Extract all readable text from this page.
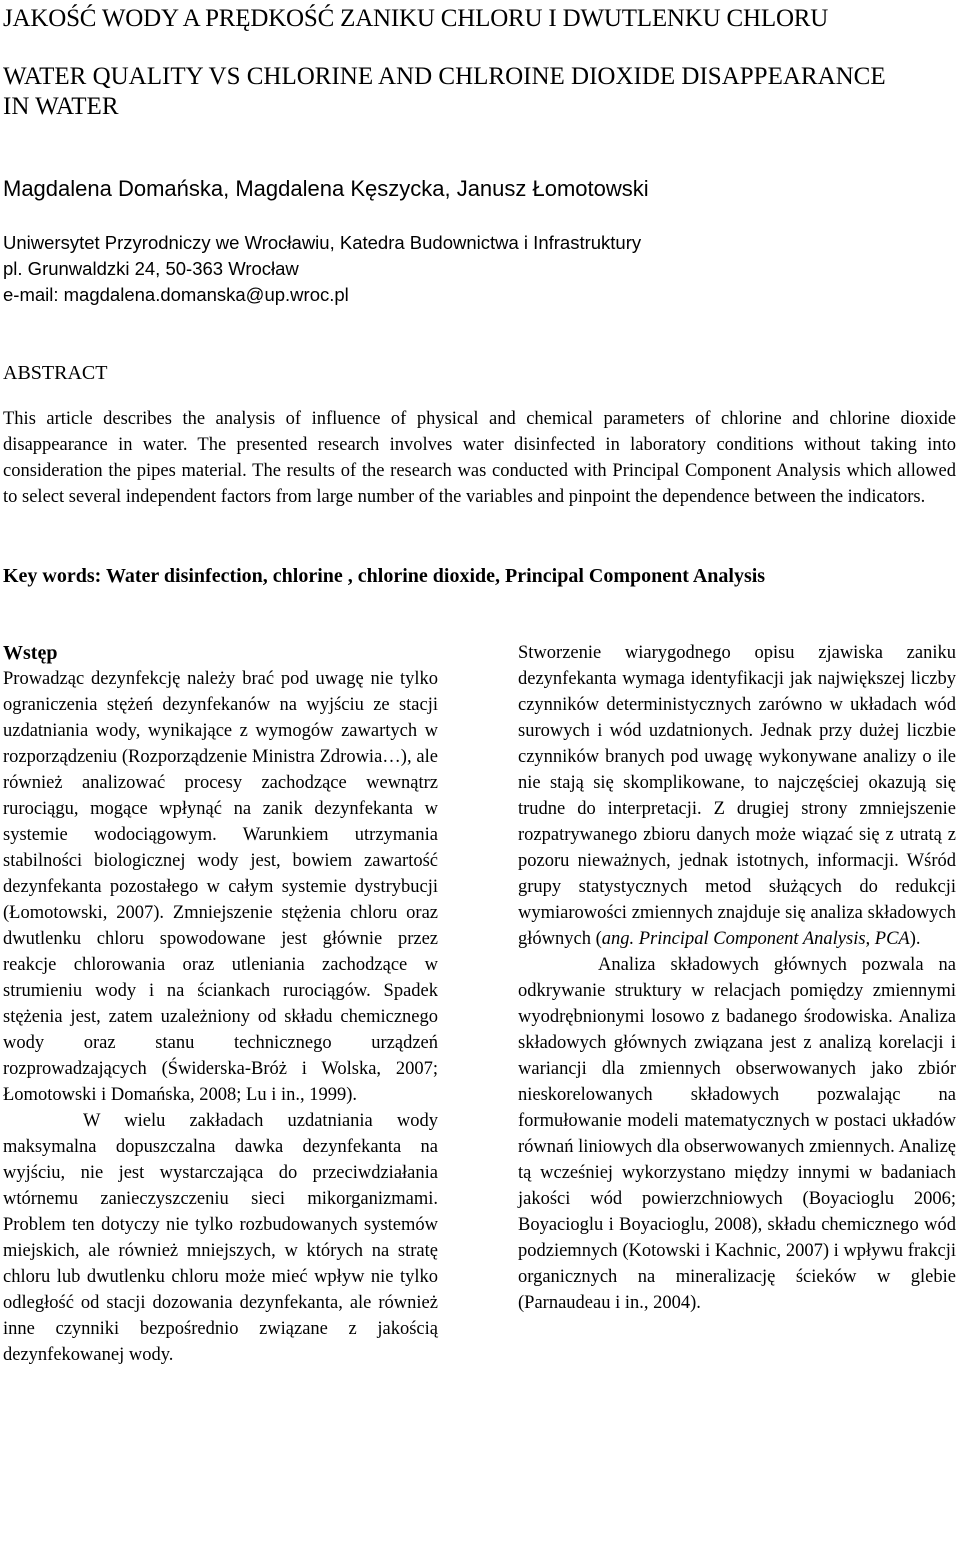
JAKOŚĆ WODY A PRĘDKOŚĆ ZANIKU CHLORU I DWUTLENKU CHLORU
WATER QUALITY VS CHLORINE AND CHLROINE DIOXIDE DISAPPEARANCE IN WATER
Magdalena Domańska, Magdalena Kęszycka, Janusz Łomotowski
Uniwersytet Przyrodniczy we Wrocławiu, Katedra Budownictwa i Infrastruktury
pl. Grunwaldzki 24, 50-363 Wrocław
e-mail: magdalena.domanska@up.wroc.pl
ABSTRACT

This article describes the analysis of influence of physical and chemical parameters of chlorine and chlorine dioxide disappearance in water. The presented research involves water disinfected in laboratory conditions without taking into consideration the pipes material. The results of the research was conducted with Principal Component Analysis which allowed to select several independent factors from large number of the variables and pinpoint the dependence between the indicators.

Key words: Water disinfection, chlorine , chlorine dioxide, Principal Component Analysis

Wstęp

Prowadząc dezynfekcję należy brać pod uwagę nie tylko ograniczenia stężeń dezynfekanów na wyjściu ze stacji uzdatniania wody, wynikające z wymogów zawartych w rozporządzeniu (Rozporządzenie Ministra Zdrowia…), ale również analizować procesy zachodzące wewnątrz rurociągu, mogące wpłynąć na zanik dezynfekanta w systemie wodociągowym. Warunkiem utrzymania stabilności biologicznej wody jest, bowiem zawartość dezynfekanta pozostałego w całym systemie dystrybucji (Łomotowski, 2007). Zmniejszenie stężenia chloru oraz dwutlenku chloru spowodowane jest głównie przez reakcje chlorowania oraz utleniania zachodzące w strumieniu wody i na ściankach rurociągów. Spadek stężenia jest, zatem uzależniony od składu chemicznego wody oraz stanu technicznego urządzeń rozprowadzających (Świderska-Bróż i Wolska, 2007; Łomotowski i Domańska, 2008; Lu i in., 1999).

W wielu zakładach uzdatniania wody maksymalna dopuszczalna dawka dezynfekanta na wyjściu, nie jest wystarczająca do przeciwdziałania wtórnemu zanieczyszczeniu sieci mikorganizmami. Problem ten dotyczy nie tylko rozbudowanych systemów miejskich, ale również mniejszych, w których na stratę chloru lub dwutlenku chloru może mieć wpływ nie tylko odległość od stacji dozowania dezynfekanta, ale również inne czynniki bezpośrednio związane z jakością dezynfekowanej wody.

Stworzenie wiarygodnego opisu zjawiska zaniku dezynfekanta wymaga identyfikacji jak największej liczby czynników deterministycznych zarówno w układach wód surowych i wód uzdatnionych. Jednak przy dużej liczbie czynników branych pod uwagę wykonywane analizy o ile nie stają się skomplikowane, to najczęściej okazują się trudne do interpretacji. Z drugiej strony zmniejszenie rozpatrywanego zbioru danych może wiązać się z utratą z pozoru nieważnych, jednak istotnych, informacji. Wśród grupy statystycznych metod służących do redukcji wymiarowości zmiennych znajduje się analiza składowych głównych (ang. Principal Component Analysis, PCA).

Analiza składowych głównych pozwala na odkrywanie struktury w relacjach pomiędzy zmiennymi wyodrębnionymi losowo z badanego środowiska. Analiza składowych głównych związana jest z analizą korelacji i wariancji dla zmiennych obserwowanych jako zbiór nieskorelowanych składowych pozwalając na formułowanie modeli matematycznych w postaci układów równań liniowych dla obserwowanych zmiennych. Analizę tą wcześniej wykorzystano między innymi w badaniach jakości wód powierzchniowych (Boyacioglu 2006; Boyacioglu i Boyacioglu, 2008), składu chemicznego wód podziemnych (Kotowski i Kachnic, 2007) i wpływu frakcji organicznych na mineralizację ścieków w glebie (Parnaudeau i in., 2004).
